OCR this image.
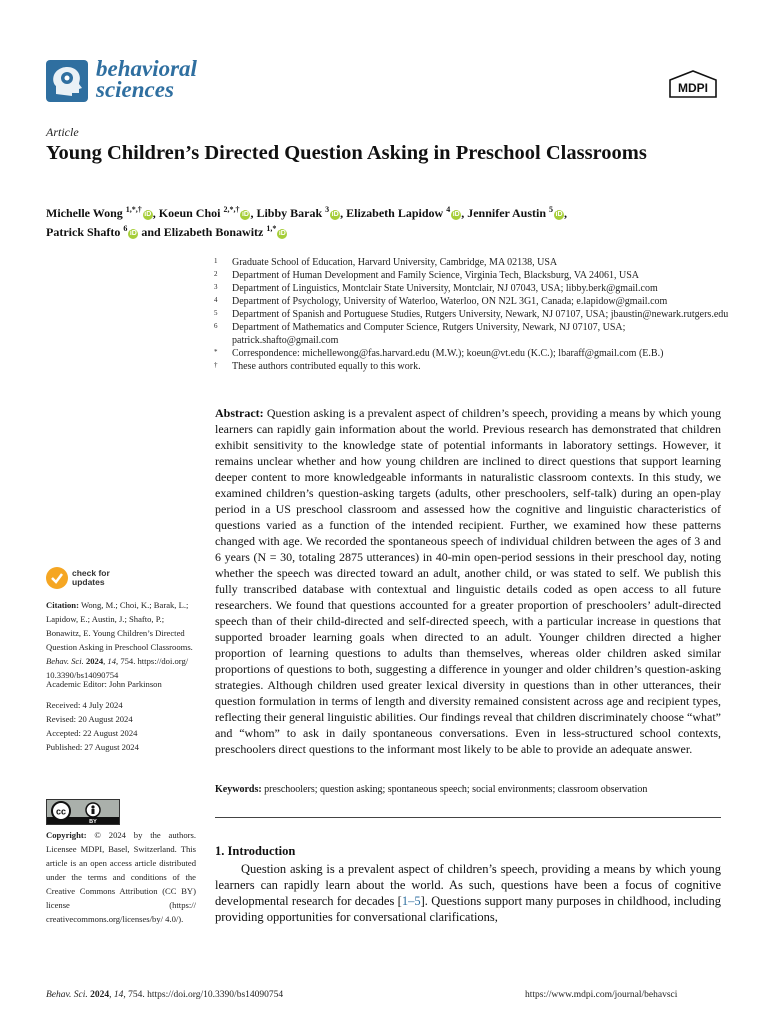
behavioral
sciences	MDPI
Article
Young Children’s Directed Question Asking in Preschool Classrooms
Michelle Wong $^{1,*,\dagger}$iD , Koeun Choi $^{2,*,\dagger}$iD , Libby Barak $^3$iD , Elizabeth Lapidow $^4$iD , Jennifer Austin $^5$iD ,
Patrick Shafto $^6$iD and Elizabeth Bonawitz $^{1,*}$iD
1	Graduate School of Education, Harvard University, Cambridge, MA 02138, USA
2	Department of Human Development and Family Science, Virginia Tech, Blacksburg, VA 24061, USA
3	Department of Linguistics, Montclair State University, Montclair, NJ 07043, USA; libby.berk@gmail.com
4	Department of Psychology, University of Waterloo, Waterloo, ON N2L 3G1, Canada; e.lapidow@gmail.com
5	Department of Spanish and Portuguese Studies, Rutgers University, Newark, NJ 07107, USA; jbaustin@newark.rutgers.edu
6	Department of Mathematics and Computer Science, Rutgers University, Newark, NJ 07107, USA; patrick.shafto@gmail.com
*	Correspondence: michellewong@fas.harvard.edu (M.W.); koeun@vt.edu (K.C.); lbaraff@gmail.com (E.B.)
†	These authors contributed equally to this work.
Abstract: Question asking is a prevalent aspect of children’s speech, providing a means by which young learners can rapidly gain information about the world. Previous research has demonstrated that children exhibit sensitivity to the knowledge state of potential informants in laboratory settings. However, it remains unclear whether and how young children are inclined to direct questions that support learning deeper content to more knowledgeable informants in naturalistic classroom contexts. In this study, we examined children’s question-asking targets (adults, other preschoolers, self-talk) during an open-play period in a US preschool classroom and assessed how the cognitive and linguistic characteristics of questions varied as a function of the intended recipient. Further, we examined how these patterns changed with age. We recorded the spontaneous speech of individual children between the ages of 3 and 6 years (N = 30, totaling 2875 utterances) in 40-min open-period sessions in their preschool day, noting whether the speech was directed toward an adult, another child, or was stated to self. We publish this fully transcribed database with contextual and linguistic details coded as open access to all future researchers. We found that questions accounted for a greater proportion of preschoolers’ adult-directed speech than of their child-directed and self-directed speech, with a particular increase in questions that supported broader learning goals when directed to an adult. Younger children directed a higher proportion of learning questions to adults than themselves, whereas older children asked similar proportions of questions to both, suggesting a difference in younger and older children’s question-asking strategies. Although children used greater lexical diversity in questions than in other utterances, their question formulation in terms of length and diversity remained consistent across age and recipient types, reflecting their general linguistic abilities. Our findings reveal that children discriminately choose “what” and “whom” to ask in daily spontaneous conversations. Even in less-structured school contexts, preschoolers direct questions to the informant most likely to be able to provide an adequate answer.
Keywords: preschoolers; question asking; spontaneous speech; social environments; classroom observation
1. Introduction
Question asking is a prevalent aspect of children’s speech, providing a means by which young learners can rapidly learn about the world. As such, questions have been a focus of cognitive developmental research for decades [1–5]. Questions support many purposes in childhood, including providing opportunities for conversational clarifications,
check for
updates
Citation: Wong, M.; Choi, K.; Barak, L.; Lapidow, E.; Austin, J.; Shafto, P.; Bonawitz, E. Young Children’s Directed Question Asking in Preschool Classrooms. Behav. Sci. 2024, 14, 754. https://doi.org/ 10.3390/bs14090754
Academic Editor: John Parkinson
Received: 4 July 2024
Revised: 20 August 2024
Accepted: 22 August 2024
Published: 27 August 2024
cc
BY
Copyright: © 2024 by the authors. Licensee MDPI, Basel, Switzerland. This article is an open access article distributed under the terms and conditions of the Creative Commons Attribution (CC BY) license (https:// creativecommons.org/licenses/by/ 4.0/).
Behav. Sci. 2024, 14, 754. https://doi.org/10.3390/bs14090754	https://www.mdpi.com/journal/behavsci
